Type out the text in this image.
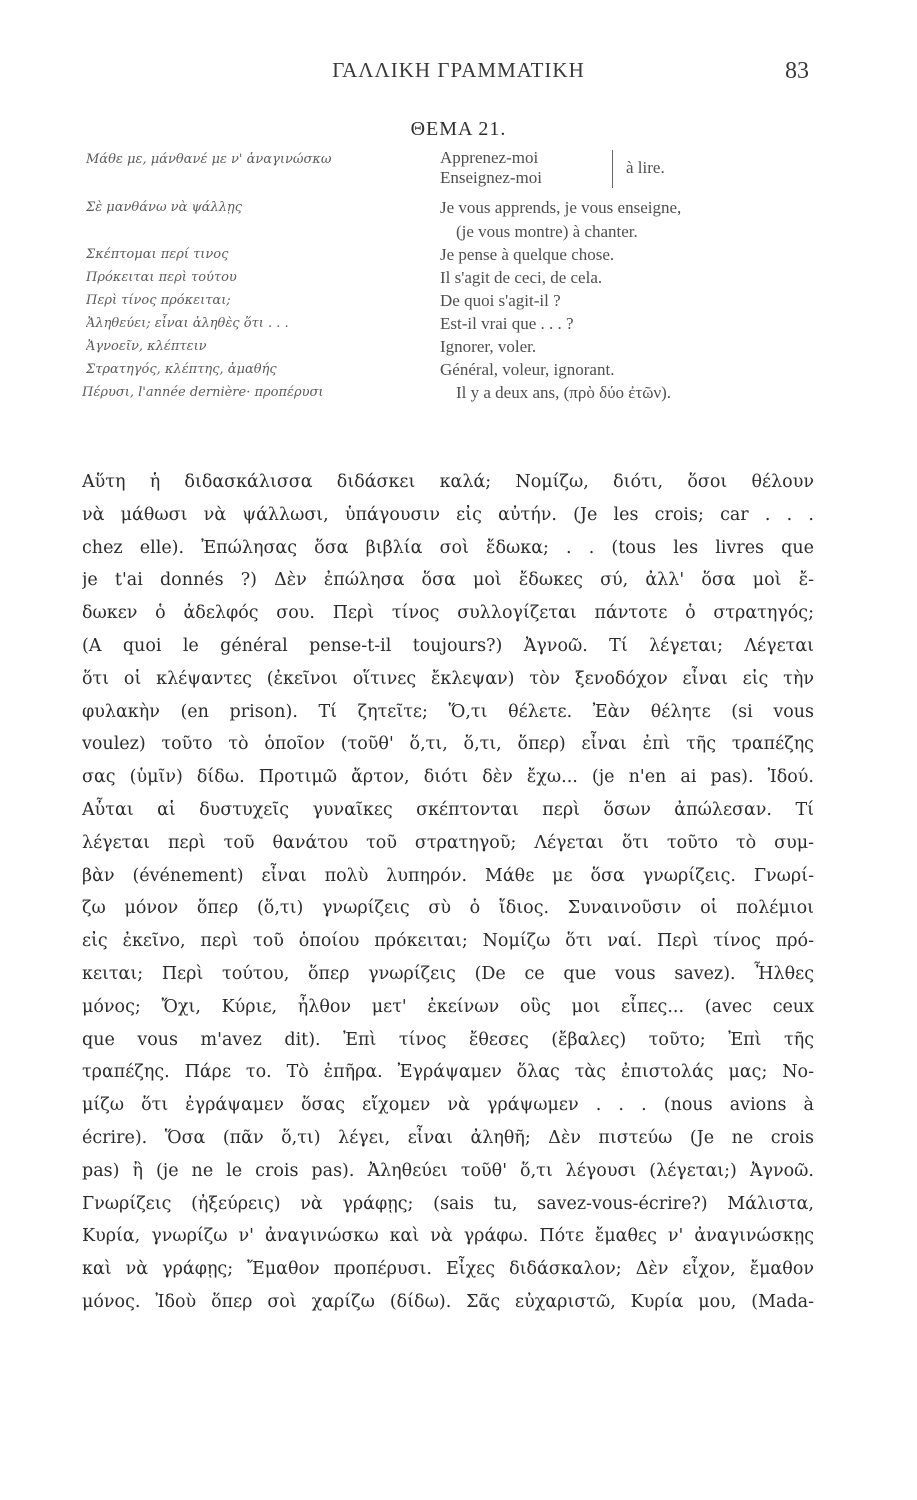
ΓΑΛΛΙΚΗ ΓΡΑΜΜΑΤΙΚΗ	83
ΘΕΜΑ 21.
Μάθε με, μάνθανέ με ν' ἀναγινώσκω	Apprenez-moi
Enseignez-moi
à lire.
Σὲ μανθάνω νὰ ψάλλῃς	Je vous apprends, je vous enseigne,
(je vous montre) à chanter.
Σκέπτομαι περί τινος	Je pense à quelque chose.
Πρόκειται περὶ τούτου	Il s'agit de ceci, de cela.
Περὶ τίνος πρόκειται;	De quoi s'agit-il ?
Ἀληθεύει; εἶναι ἀληθὲς ὅτι . . .	Est-il vrai que . . . ?
Ἀγνοεῖν, κλέπτειν	Ignorer, voler.
Στρατηγός, κλέπτης, ἀμαθής	Général, voleur, ignorant.
Πέρυσι, l'année dernière· προπέρυσι	Il y a deux ans, (πρὸ δύο ἐτῶν).
Αὕτη ἡ διδασκάλισσα διδάσκει καλά; Νομίζω, διότι, ὅσοι θέλουν
νὰ μάθωσι νὰ ψάλλωσι, ὑπάγουσιν εἰς αὐτήν. (Je les crois; car . . .
chez elle). Ἐπώλησας ὅσα βιβλία σοὶ ἔδωκα; . . (tous les livres que
je t'ai donnés ?) Δὲν ἐπώλησα ὅσα μοὶ ἔδωκες σύ, ἀλλ' ὅσα μοὶ ἔ-
δωκεν ὁ ἀδελφός σου. Περὶ τίνος συλλογίζεται πάντοτε ὁ στρατηγός;
(A quoi le général pense-t-il toujours?) Ἀγνοῶ. Τί λέγεται; Λέγεται
ὅτι οἱ κλέψαντες (ἐκεῖνοι οἵτινες ἔκλεψαν) τὸν ξενοδόχον εἶναι εἰς τὴν
φυλακὴν (en prison). Τί ζητεῖτε; Ὅ,τι θέλετε. Ἐὰν θέλητε (si vous
voulez) τοῦτο τὸ ὁποῖον (τοῦθ' ὅ,τι, ὅ,τι, ὅπερ) εἶναι ἐπὶ τῆς τραπέζης
σας (ὑμῖν) δίδω. Προτιμῶ ἄρτον, διότι δὲν ἔχω... (je n'en ai pas). Ἰδού.
Αὗται αἱ δυστυχεῖς γυναῖκες σκέπτονται περὶ ὅσων ἀπώλεσαν. Τί
λέγεται περὶ τοῦ θανάτου τοῦ στρατηγοῦ; Λέγεται ὅτι τοῦτο τὸ συμ-
βὰν (événement) εἶναι πολὺ λυπηρόν. Μάθε με ὅσα γνωρίζεις. Γνωρί-
ζω μόνον ὅπερ (ὅ,τι) γνωρίζεις σὺ ὁ ἴδιος. Συναινοῦσιν οἱ πολέμιοι
εἰς ἐκεῖνο, περὶ τοῦ ὁποίου πρόκειται; Νομίζω ὅτι ναί. Περὶ τίνος πρό-
κειται; Περὶ τούτου, ὅπερ γνωρίζεις (De ce que vous savez). Ἦλθες
μόνος; Ὄχι, Κύριε, ἦλθον μετ' ἐκείνων οὓς μοι εἶπες... (avec ceux
que vous m'avez dit). Ἐπὶ τίνος ἔθεσες (ἔβαλες) τοῦτο; Ἐπὶ τῆς
τραπέζης. Πάρε το. Τὸ ἐπῆρα. Ἐγράψαμεν ὅλας τὰς ἐπιστολάς μας; Νο-
μίζω ὅτι ἐγράψαμεν ὅσας εἴχομεν νὰ γράψωμεν . . . (nous avions à
écrire). Ὅσα (πᾶν ὅ,τι) λέγει, εἶναι ἀληθῆ; Δὲν πιστεύω (Je ne crois
pas) ἢ (je ne le crois pas). Ἀληθεύει τοῦθ' ὅ,τι λέγουσι (λέγεται;) Ἀγνοῶ.
Γνωρίζεις (ἠξεύρεις) νὰ γράφῃς; (sais tu, savez-vous-écrire?) Μάλιστα,
Κυρία, γνωρίζω ν' ἀναγινώσκω καὶ νὰ γράφω. Πότε ἔμαθες ν' ἀναγινώσκῃς
καὶ νὰ γράφῃς; Ἔμαθον προπέρυσι. Εἶχες διδάσκαλον; Δὲν εἶχον, ἔμαθον
μόνος. Ἰδοὺ ὅπερ σοὶ χαρίζω (δίδω). Σᾶς εὐχαριστῶ, Κυρία μου, (Mada-
